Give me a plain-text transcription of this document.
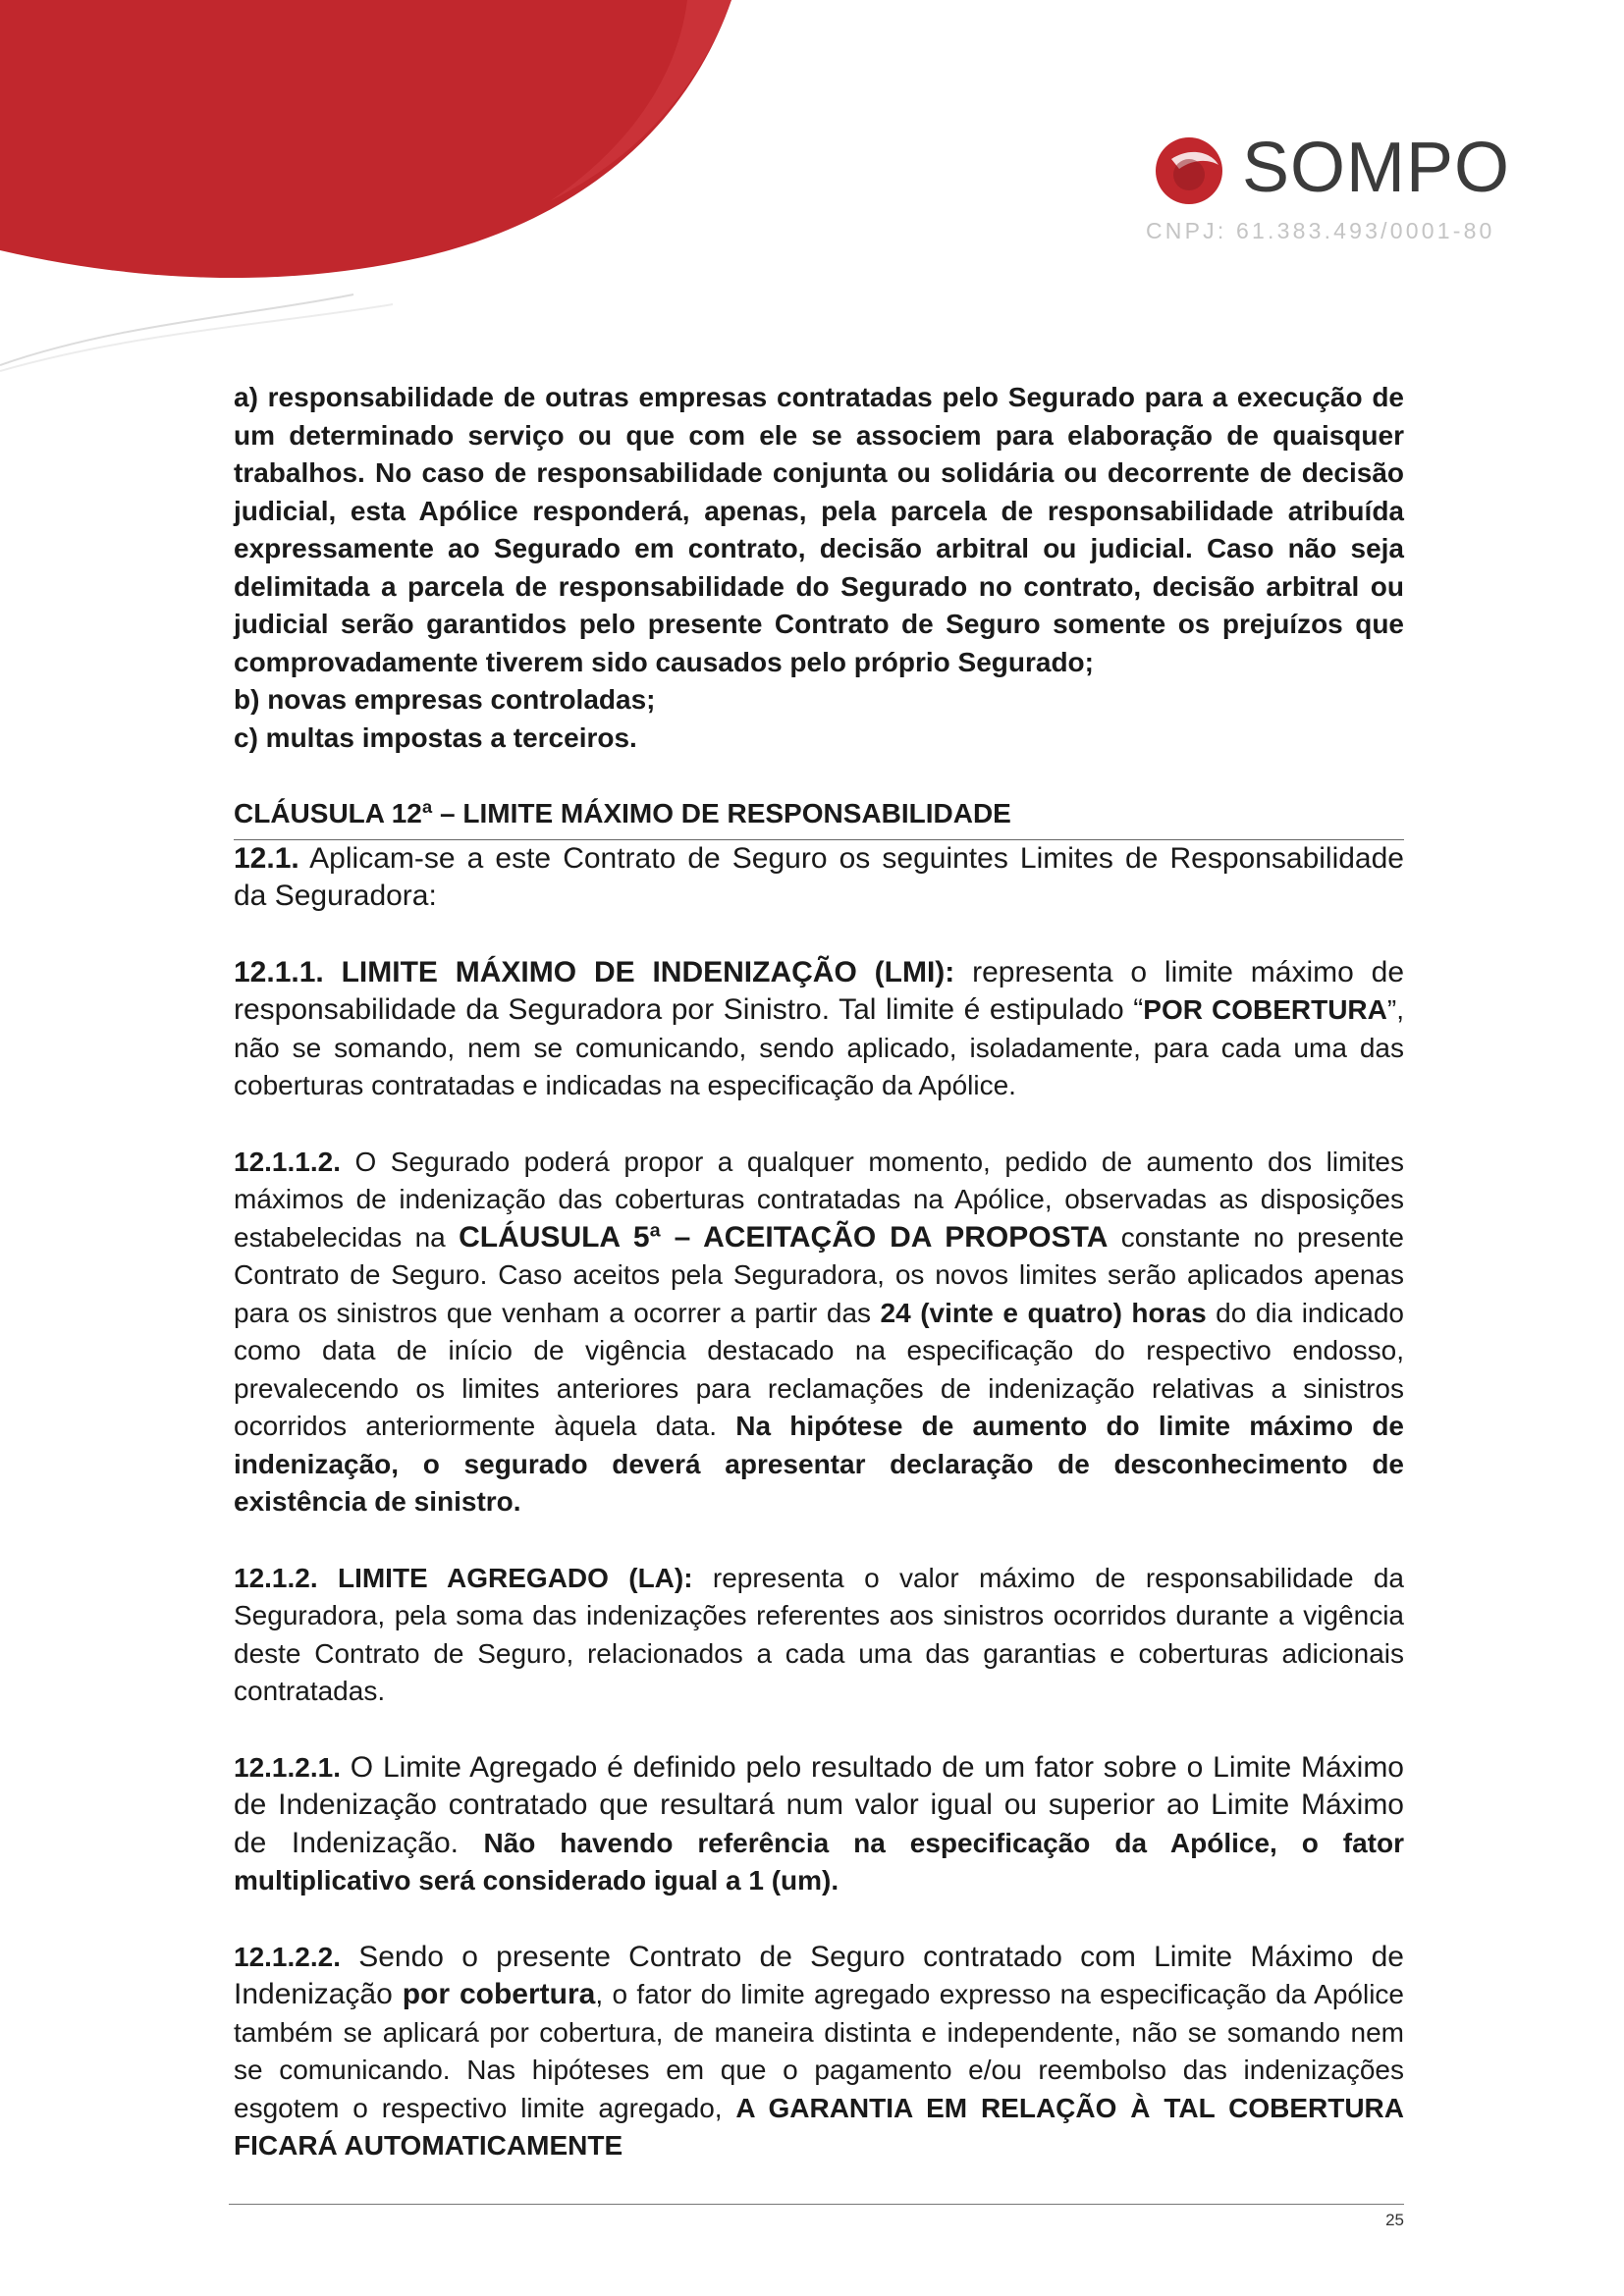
SOMPO
CNPJ: 61.383.493/0001-80

a) responsabilidade de outras empresas contratadas pelo Segurado para a execução de um determinado serviço ou que com ele se associem para elaboração de quaisquer trabalhos. No caso de responsabilidade conjunta ou solidária ou decorrente de decisão judicial, esta Apólice responderá, apenas, pela parcela de responsabilidade atribuída expressamente ao Segurado em contrato, decisão arbitral ou judicial. Caso não seja delimitada a parcela de responsabilidade do Segurado no contrato, decisão arbitral ou judicial serão garantidos pelo presente Contrato de Seguro somente os prejuízos que comprovadamente tiverem sido causados pelo próprio Segurado;

b) novas empresas controladas;

c) multas impostas a terceiros.

CLÁUSULA 12ª – LIMITE MÁXIMO DE RESPONSABILIDADE

12.1. Aplicam-se a este Contrato de Seguro os seguintes Limites de Responsabilidade da Seguradora:

12.1.1. LIMITE MÁXIMO DE INDENIZAÇÃO (LMI): representa o limite máximo de responsabilidade da Seguradora por Sinistro. Tal limite é estipulado “POR COBERTURA”, não se somando, nem se comunicando, sendo aplicado, isoladamente, para cada uma das coberturas contratadas e indicadas na especificação da Apólice.

12.1.1.2. O Segurado poderá propor a qualquer momento, pedido de aumento dos limites máximos de indenização das coberturas contratadas na Apólice, observadas as disposições estabelecidas na CLÁUSULA 5ª – ACEITAÇÃO DA PROPOSTA constante no presente Contrato de Seguro. Caso aceitos pela Seguradora, os novos limites serão aplicados apenas para os sinistros que venham a ocorrer a partir das 24 (vinte e quatro) horas do dia indicado como data de início de vigência destacado na especificação do respectivo endosso, prevalecendo os limites anteriores para reclamações de indenização relativas a sinistros ocorridos anteriormente àquela data. Na hipótese de aumento do limite máximo de indenização, o segurado deverá apresentar declaração de desconhecimento de existência de sinistro.

12.1.2. LIMITE AGREGADO (LA): representa o valor máximo de responsabilidade da Seguradora, pela soma das indenizações referentes aos sinistros ocorridos durante a vigência deste Contrato de Seguro, relacionados a cada uma das garantias e coberturas adicionais contratadas.

12.1.2.1. O Limite Agregado é definido pelo resultado de um fator sobre o Limite Máximo de Indenização contratado que resultará num valor igual ou superior ao Limite Máximo de Indenização. Não havendo referência na especificação da Apólice, o fator multiplicativo será considerado igual a 1 (um).

12.1.2.2. Sendo o presente Contrato de Seguro contratado com Limite Máximo de Indenização por cobertura, o fator do limite agregado expresso na especificação da Apólice também se aplicará por cobertura, de maneira distinta e independente, não se somando nem se comunicando. Nas hipóteses em que o pagamento e/ou reembolso das indenizações esgotem o respectivo limite agregado, A GARANTIA EM RELAÇÃO À TAL COBERTURA FICARÁ AUTOMATICAMENTE

25
